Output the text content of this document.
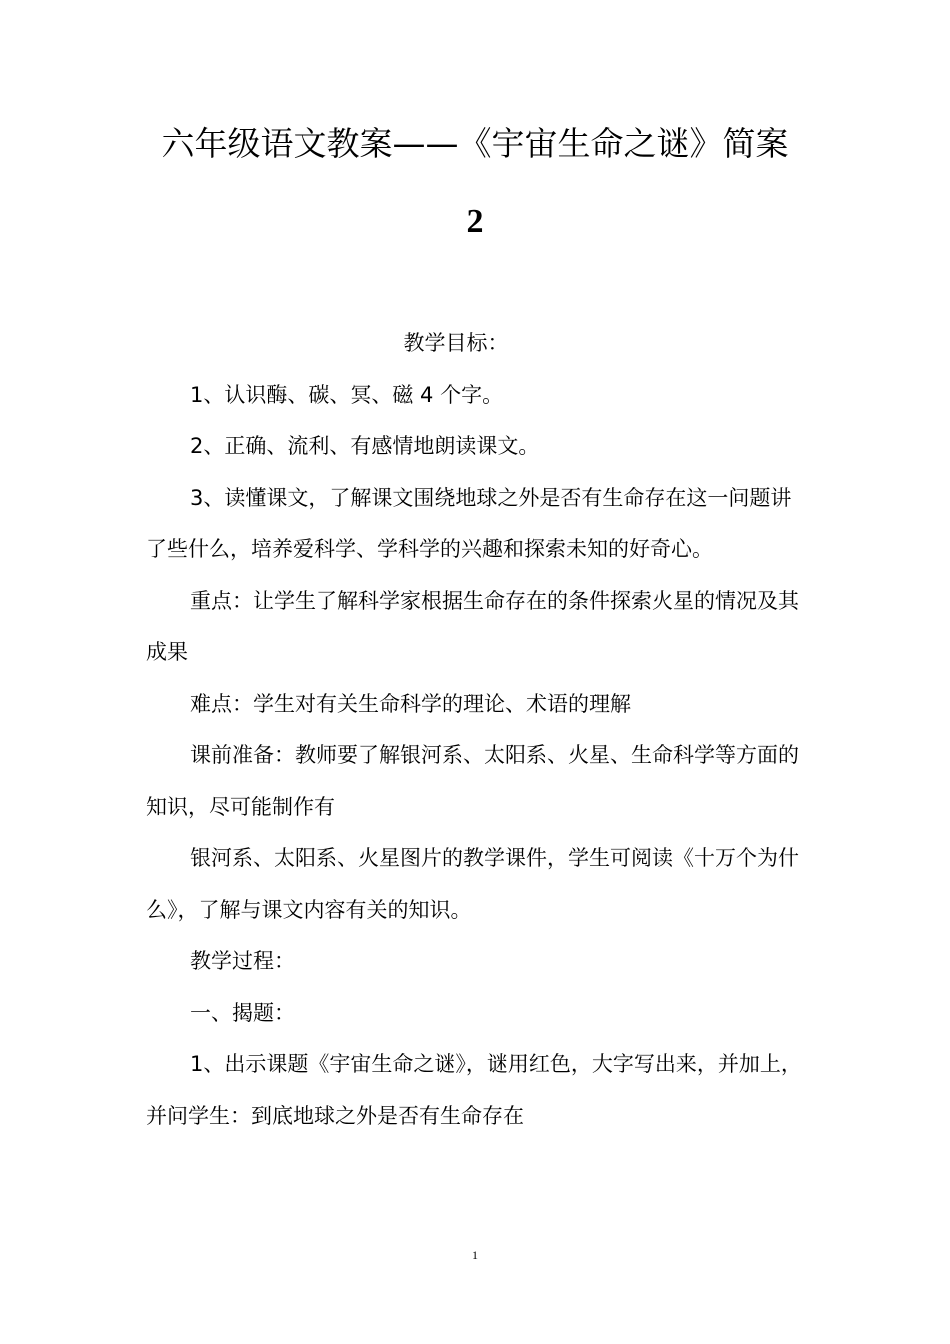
六年级语文教案——《宇宙生命之谜》简案
2

教学目标：

1、认识酶、碳、冥、磁 4 个字。

2、正确、流利、有感情地朗读课文。

3、读懂课文，了解课文围绕地球之外是否有生命存在这一问题讲了些什么，培养爱科学、学科学的兴趣和探索未知的好奇心。

重点：让学生了解科学家根据生命存在的条件探索火星的情况及其成果

难点：学生对有关生命科学的理论、术语的理解

课前准备：教师要了解银河系、太阳系、火星、生命科学等方面的知识，尽可能制作有

银河系、太阳系、火星图片的教学课件，学生可阅读《十万个为什么》，了解与课文内容有关的知识。

教学过程：

一、揭题：

1、出示课题《宇宙生命之谜》，谜用红色，大字写出来，并加上，并问学生：到底地球之外是否有生命存在

1
